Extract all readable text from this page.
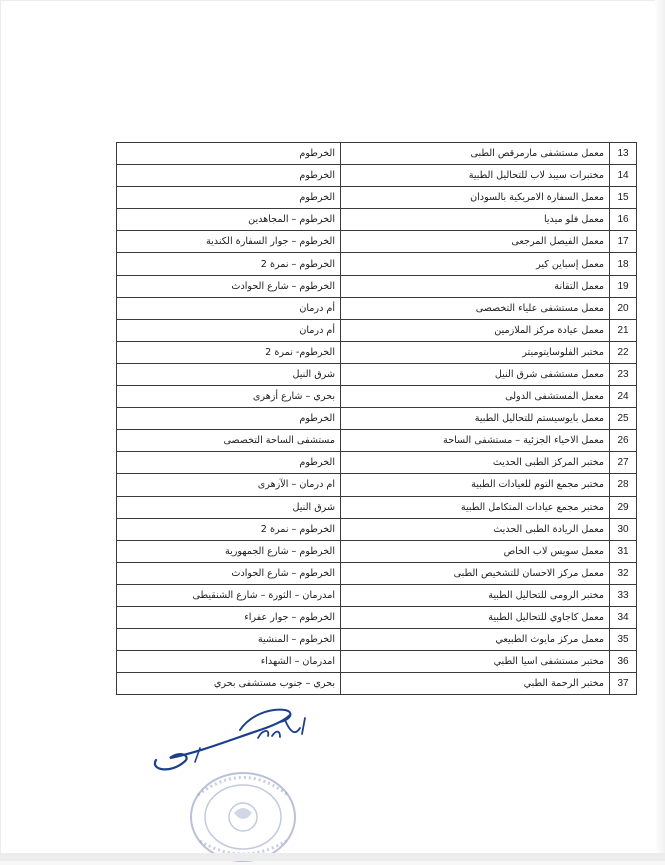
13	معمل مستشفى مارمرقص الطبى	الخرطوم
14	مختبرات سيبد لاب للتحاليل الطبية	الخرطوم
15	معمل السفارة الامريكية بالسودان	الخرطوم
16	معمل فلو ميديا	الخرطوم – المجاهدين
17	معمل الفيصل المرجعى	الخرطوم – جوار السفارة الكندية
18	معمل إسباين كير	الخرطوم – نمرة 2
19	معمل التقانة	الخرطوم – شارع الحوادث
20	معمل مستشفى علياء التخصصى	أم درمان
21	معمل عيادة مركز الملازمين	أم درمان
22	مختبر الفلوسايتوميتر	الخرطوم- نمرة 2
23	معمل مستشفى شرق النيل	شرق النيل
24	معمل المستشفى الدولى	بحري – شارع أزهرى
25	معمل بايوسيستم للتحاليل الطبية	الخرطوم
26	معمل الاحياء الجزئية – مستشفى الساحة	مستشفى الساحة التخصصى
27	مختبر المركز الطبى الحديث	الخرطوم
28	مختبر مجمع التوم للعيادات الطبية	ام درمان – الآزهرى
29	مختبر مجمع عيادات المتكامل الطبية	شرق النيل
30	معمل الريادة الطبى الحديث	الخرطوم – نمرة 2
31	معمل سويس لاب الخاص	الخرطوم – شارع الجمهورية
32	معمل مركز الاحسان للتشخيص الطبى	الخرطوم – شارع الحوادث
33	مختبر الرومى للتحاليل الطبية	امدرمان – الثورة – شارع الشنقيطى
34	معمل كاجاوي للتحاليل الطبية	الخرطوم – جوار عفراء
35	معمل مركز مايوث الطبيعي	الخرطوم – المنشية
36	مختبر مستشفى اسيا الطبي	امدرمان – الشهداء
37	مختبر الرحمة الطبي	بحري – جنوب مستشفى بحري
